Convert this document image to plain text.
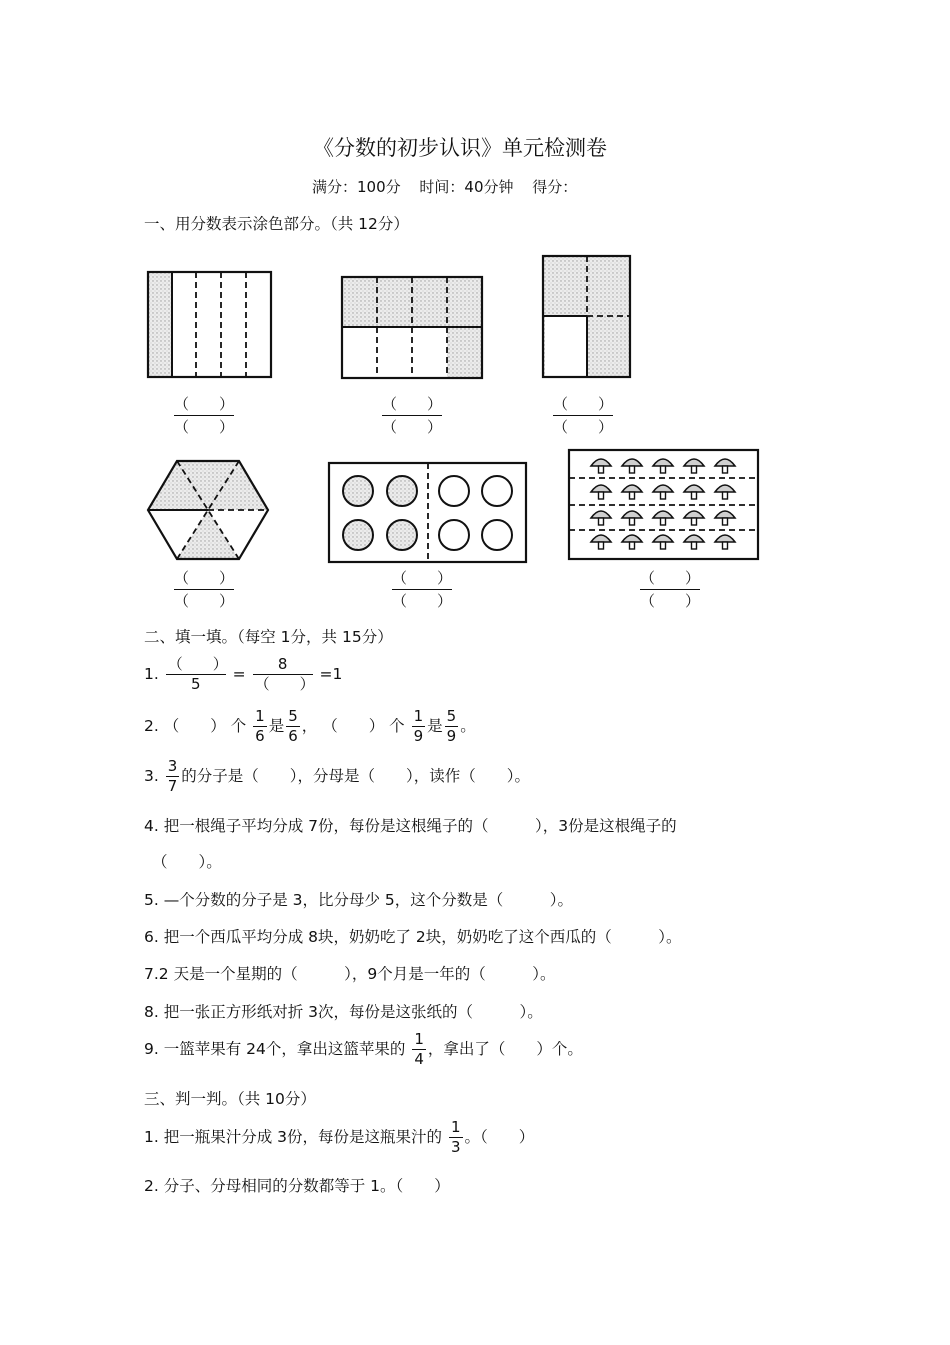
《分数的初步认识》单元检测卷
满分：100分 时间：40分钟 得分：
一、用分数表示涂色部分。（共 12分）
（　　）
（　　）
（　　）
（　　）
（　　）
（　　）
（　　）
（　　）
（　　）
（　　）
（　　）
（　　）
二、填一填。（每空 1分，共 15分）
1. $\frac{( )}{5} = \frac{8}{( )} =1$
2. （　　） 个 $\frac{1}{6}$ 是 $\frac{5}{6}$ ， （　　） 个 $\frac{1}{9}$ 是 $\frac{5}{9}$ 。
3. $\frac{3}{7}$ 的分子是（　　），分母是（　　），读作（　　）。
4. 把一根绳子平均分成 7份，每份是这根绳子的（　　　），3份是这根绳子的
（　　）。
5. —个分数的分子是 3，比分母少 5，这个分数是（　　　）。
6. 把一个西瓜平均分成 8块，奶奶吃了 2块，奶奶吃了这个西瓜的（　　　）。
7.2 天是一个星期的（　　　），9个月是一年的（　　　）。
8. 把一张正方形纸对折 3次，每份是这张纸的（　　　）。
9. 一篮苹果有 24个，拿出这篮苹果的 $\frac{1}{4}$ ，拿出了（　　）个。
三、判一判。（共 10分）
1. 把一瓶果汁分成 3份，每份是这瓶果汁的 $\frac{1}{3}$ 。（　　）
2. 分子、分母相同的分数都等于 1。（　　）
